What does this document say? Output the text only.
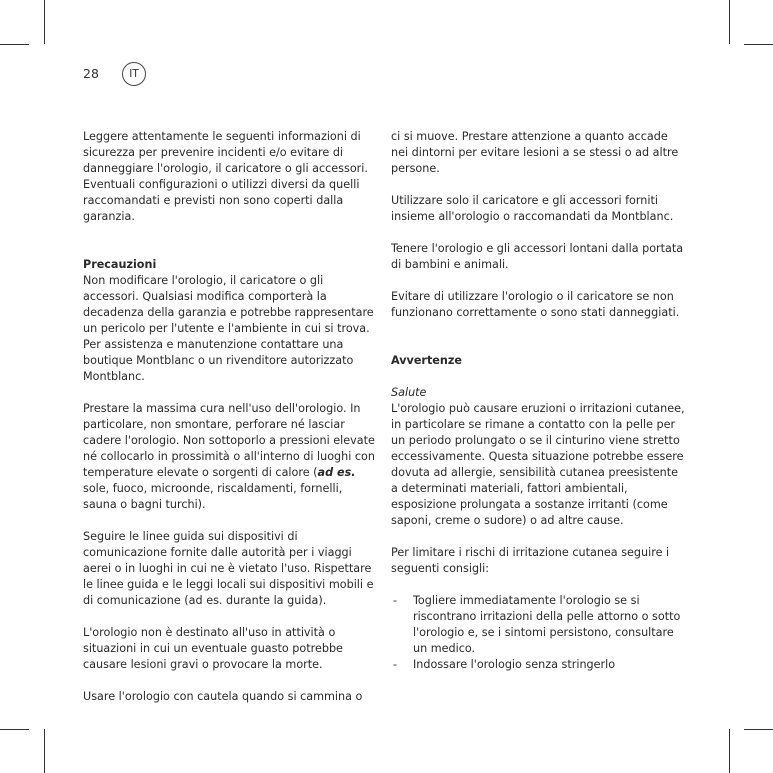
28	IT

Leggere attentamente le seguenti informazioni di sicurezza per prevenire incidenti e/o evitare di danneggiare l'orologio, il caricatore o gli accessori. Eventuali configurazioni o utilizzi diversi da quelli raccomandati e previsti non sono coperti dalla garanzia.

Precauzioni

Non modificare l'orologio, il caricatore o gli accessori. Qualsiasi modifica comporterà la decadenza della garanzia e potrebbe rappresentare un pericolo per l'utente e l'ambiente in cui si trova. Per assistenza e manutenzione contattare una boutique Montblanc o un rivenditore autorizzato Montblanc.

Prestare la massima cura nell'uso dell'orologio. In particolare, non smontare, perforare né lasciar cadere l'orologio. Non sottoporlo a pressioni elevate né collocarlo in prossimità o all'interno di luoghi con temperature elevate o sorgenti di calore (ad es. sole, fuoco, microonde, riscaldamenti, fornelli, sauna o bagni turchi).

Seguire le linee guida sui dispositivi di comunicazione fornite dalle autorità per i viaggi aerei o in luoghi in cui ne è vietato l'uso. Rispettare le linee guida e le leggi locali sui dispositivi mobili e di comunicazione (ad es. durante la guida).

L'orologio non è destinato all'uso in attività o situazioni in cui un eventuale guasto potrebbe causare lesioni gravi o provocare la morte.

Usare l'orologio con cautela quando si cammina o

ci si muove. Prestare attenzione a quanto accade nei dintorni per evitare lesioni a se stessi o ad altre persone.

Utilizzare solo il caricatore e gli accessori forniti insieme all'orologio o raccomandati da Montblanc.

Tenere l'orologio e gli accessori lontani dalla portata di bambini e animali.

Evitare di utilizzare l'orologio o il caricatore se non funzionano correttamente o sono stati danneggiati.

Avvertenze

Salute

L'orologio può causare eruzioni o irritazioni cutanee, in particolare se rimane a contatto con la pelle per un periodo prolungato o se il cinturino viene stretto eccessivamente. Questa situazione potrebbe essere dovuta ad allergie, sensibilità cutanea preesistente a determinati materiali, fattori ambientali, esposizione prolungata a sostanze irritanti (come saponi, creme o sudore) o ad altre cause.

Per limitare i rischi di irritazione cutanea seguire i seguenti consigli:

-	Togliere immediatamente l'orologio se si riscontrano irritazioni della pelle attorno o sotto l'orologio e, se i sintomi persistono, consultare un medico.
-	Indossare l'orologio senza stringerlo
